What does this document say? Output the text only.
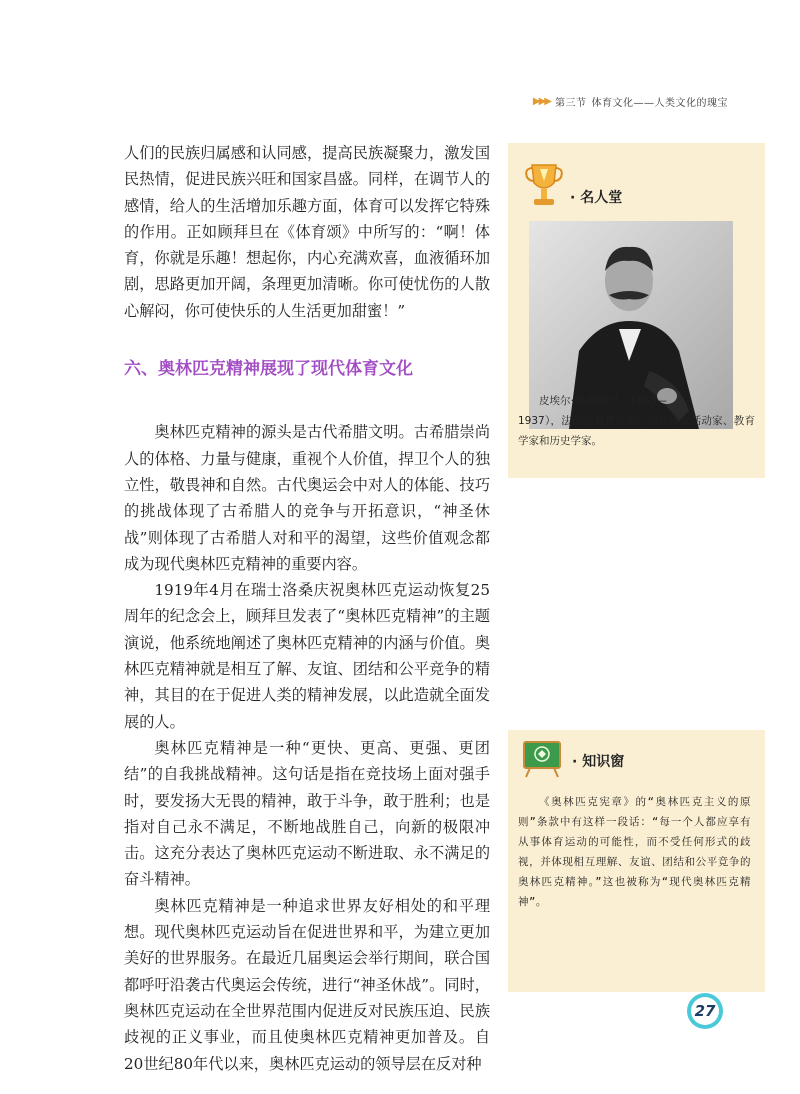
▶▶▶ 第三节 体育文化——人类文化的瑰宝

人们的民族归属感和认同感，提高民族凝聚力，激发国民热情，促进民族兴旺和国家昌盛。同样，在调节人的感情，给人的生活增加乐趣方面，体育可以发挥它特殊的作用。正如顾拜旦在《体育颂》中所写的：“啊！体育，你就是乐趣！想起你，内心充满欢喜，血液循环加剧，思路更加开阔，条理更加清晰。你可使忧伤的人散心解闷，你可使快乐的人生活更加甜蜜！”

六、奥林匹克精神展现了现代体育文化

奥林匹克精神的源头是古代希腊文明。古希腊崇尚人的体格、力量与健康，重视个人价值，捍卫个人的独立性，敬畏神和自然。古代奥运会中对人的体能、技巧的挑战体现了古希腊人的竞争与开拓意识，“神圣休战”则体现了古希腊人对和平的渴望，这些价值观念都成为现代奥林匹克精神的重要内容。

1919年4月在瑞士洛桑庆祝奥林匹克运动恢复25周年的纪念会上，顾拜旦发表了“奥林匹克精神”的主题演说，他系统地阐述了奥林匹克精神的内涵与价值。奥林匹克精神就是相互了解、友谊、团结和公平竞争的精神，其目的在于促进人类的精神发展，以此造就全面发展的人。

奥林匹克精神是一种“更快、更高、更强、更团结”的自我挑战精神。这句话是指在竞技场上面对强手时，要发扬大无畏的精神，敢于斗争，敢于胜利；也是指对自己永不满足，不断地战胜自己，向新的极限冲击。这充分表达了奥林匹克运动不断进取、永不满足的奋斗精神。

奥林匹克精神是一种追求世界友好相处的和平理想。现代奥林匹克运动旨在促进世界和平，为建立更加美好的世界服务。在最近几届奥运会举行期间，联合国都呼吁沿袭古代奥运会传统，进行“神圣休战”。同时，奥林匹克运动在全世界范围内促进反对民族压迫、民族歧视的正义事业，而且使奥林匹克精神更加普及。自20世纪80年代以来，奥林匹克运动的领导层在反对种

· 名人堂
皮埃尔·德·顾拜旦（1863—
1937），法国著名教育家、国际体育活动家、教育学家和历史学家。
· 知识窗
《奥林匹克宪章》的“奥林匹克主义的原则”条款中有这样一段话：“每一个人都应享有从事体育运动的可能性，而不受任何形式的歧视，并体现相互理解、友谊、团结和公平竞争的奥林匹克精神。”这也被称为“现代奥林匹克精神”。
27
